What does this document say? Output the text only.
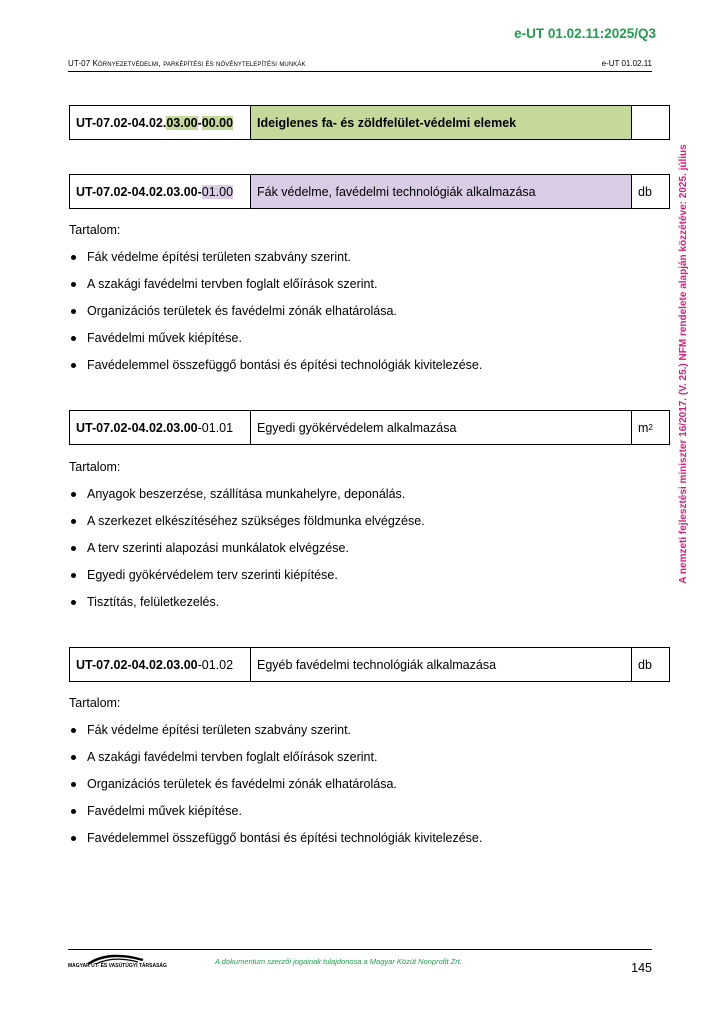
e-UT 01.02.11:2025/Q3
UT-07 Környezetvédelmi, parképítési és növénytelepítési munkák	e-UT 01.02.11
A nemzeti fejlesztési miniszter 16/2017. (V. 25.) NFM rendelete alapján közzétéve: 2025. július
UT-07.02-04.02. 03.00 - 00.00 Ideiglenes fa- és zöldfelület-védelmi elemek
UT-07.02-04.02.03.00- 01.00 Fák védelme, favédelmi technológiák alkalmazása	db
Tartalom:
Fák védelme építési területen szabvány szerint.
A szakági favédelmi tervben foglalt előírások szerint.
Organizációs területek és favédelmi zónák elhatárolása.
Favédelmi művek kiépítése.
Favédelemmel összefüggő bontási és építési technológiák kivitelezése.
UT-07.02-04.02.03.00 -01.01 Egyedi gyökérvédelem alkalmazása	m 2
Tartalom:
Anyagok beszerzése, szállítása munkahelyre, deponálás.
A szerkezet elkészítéséhez szükséges földmunka elvégzése.
A terv szerinti alapozási munkálatok elvégzése.
Egyedi gyökérvédelem terv szerinti kiépítése.
Tisztítás, felületkezelés.
UT-07.02-04.02.03.00 -01.02 Egyéb favédelmi technológiák alkalmazása	db
Tartalom:
Fák védelme építési területen szabvány szerint.
A szakági favédelmi tervben foglalt előírások szerint.
Organizációs területek és favédelmi zónák elhatárolása.
Favédelmi művek kiépítése.
Favédelemmel összefüggő bontási és építési technológiák kivitelezése.
MAGYAR ÚT- ÉS VASÚTÜGYI TÁRSASÁG	A dokumentum szerzői jogainak tulajdonosa a Magyar Közút Nonprofit Zrt.	145
